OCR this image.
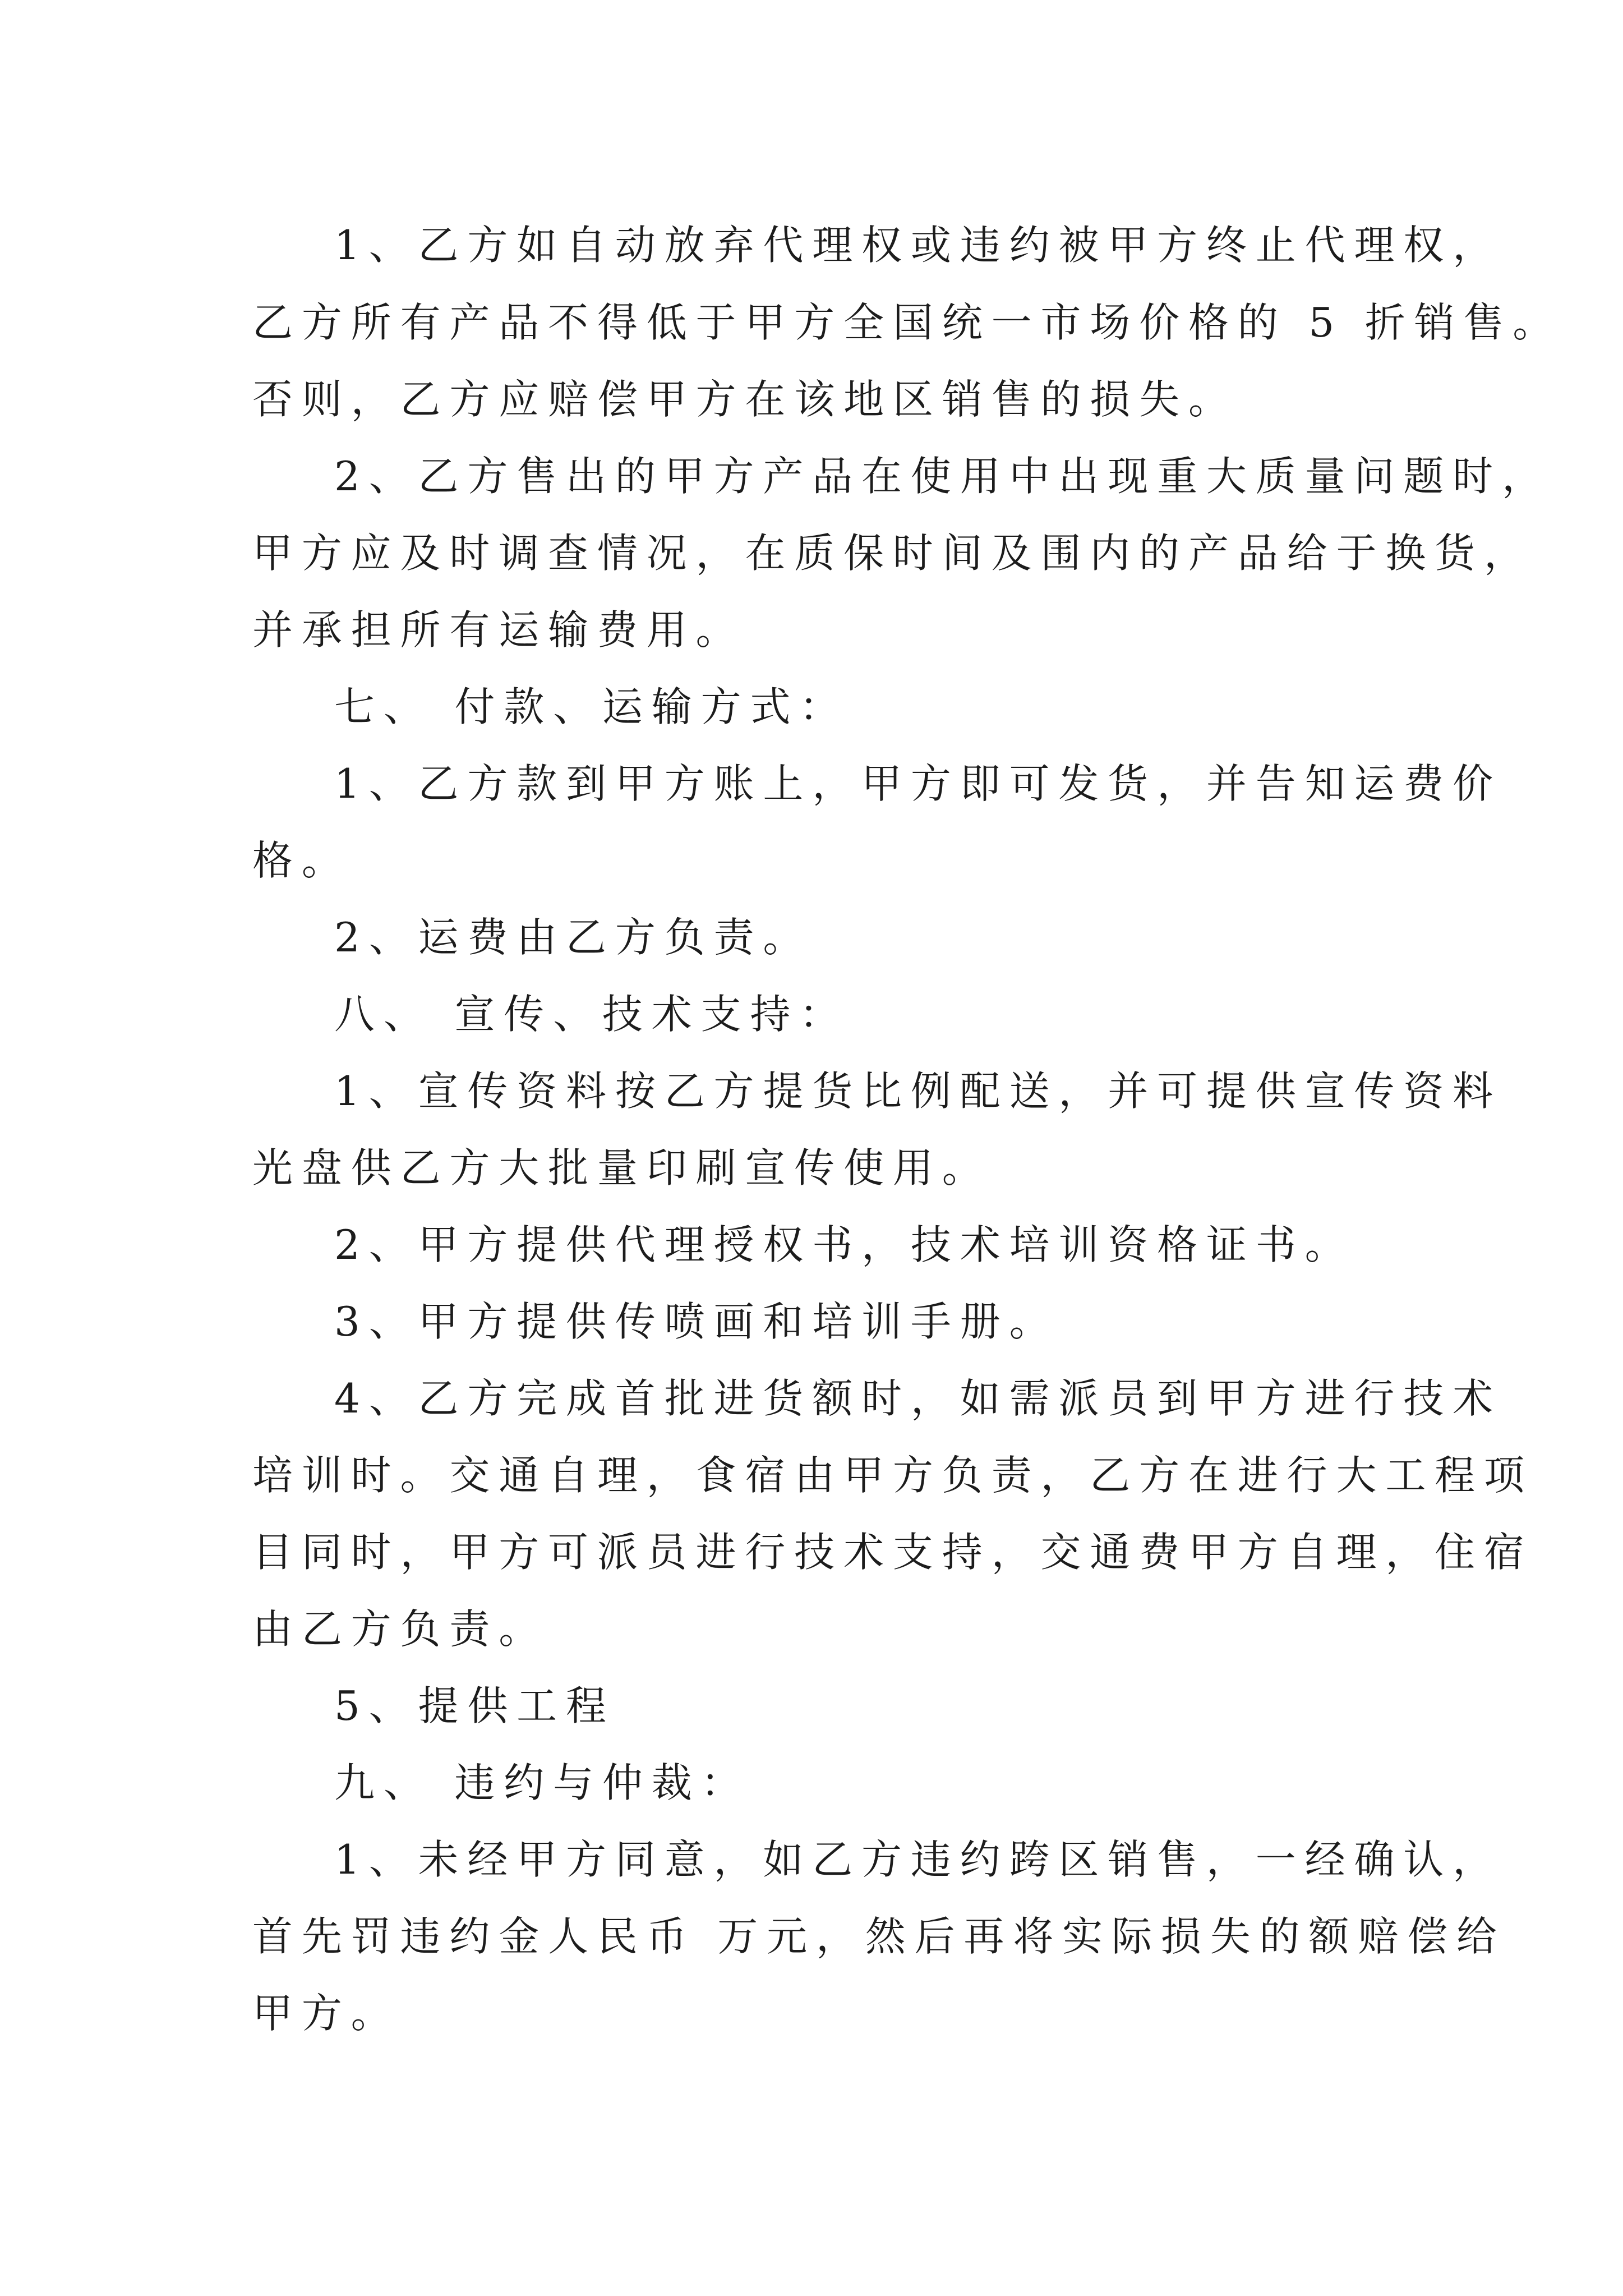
1、乙方如自动放弃代理权或违约被甲方终止代理权，

乙方所有产品不得低于甲方全国统一市场价格的 5 折销售。

否则，乙方应赔偿甲方在该地区销售的损失。

2、乙方售出的甲方产品在使用中出现重大质量问题时，

甲方应及时调查情况，在质保时间及围内的产品给于换货，

并承担所有运输费用。

七、 付款、运输方式：

1、乙方款到甲方账上，甲方即可发货，并告知运费价

格。

2、运费由乙方负责。

八、 宣传、技术支持：

1、宣传资料按乙方提货比例配送，并可提供宣传资料

光盘供乙方大批量印刷宣传使用。

2、甲方提供代理授权书，技术培训资格证书。

3、甲方提供传喷画和培训手册。

4、乙方完成首批进货额时，如需派员到甲方进行技术

培训时。交通自理，食宿由甲方负责，乙方在进行大工程项

目同时，甲方可派员进行技术支持，交通费甲方自理，住宿

由乙方负责。

5、提供工程

九、 违约与仲裁：

1、未经甲方同意，如乙方违约跨区销售，一经确认，

首先罚违约金人民币 万元，然后再将实际损失的额赔偿给

甲方。
